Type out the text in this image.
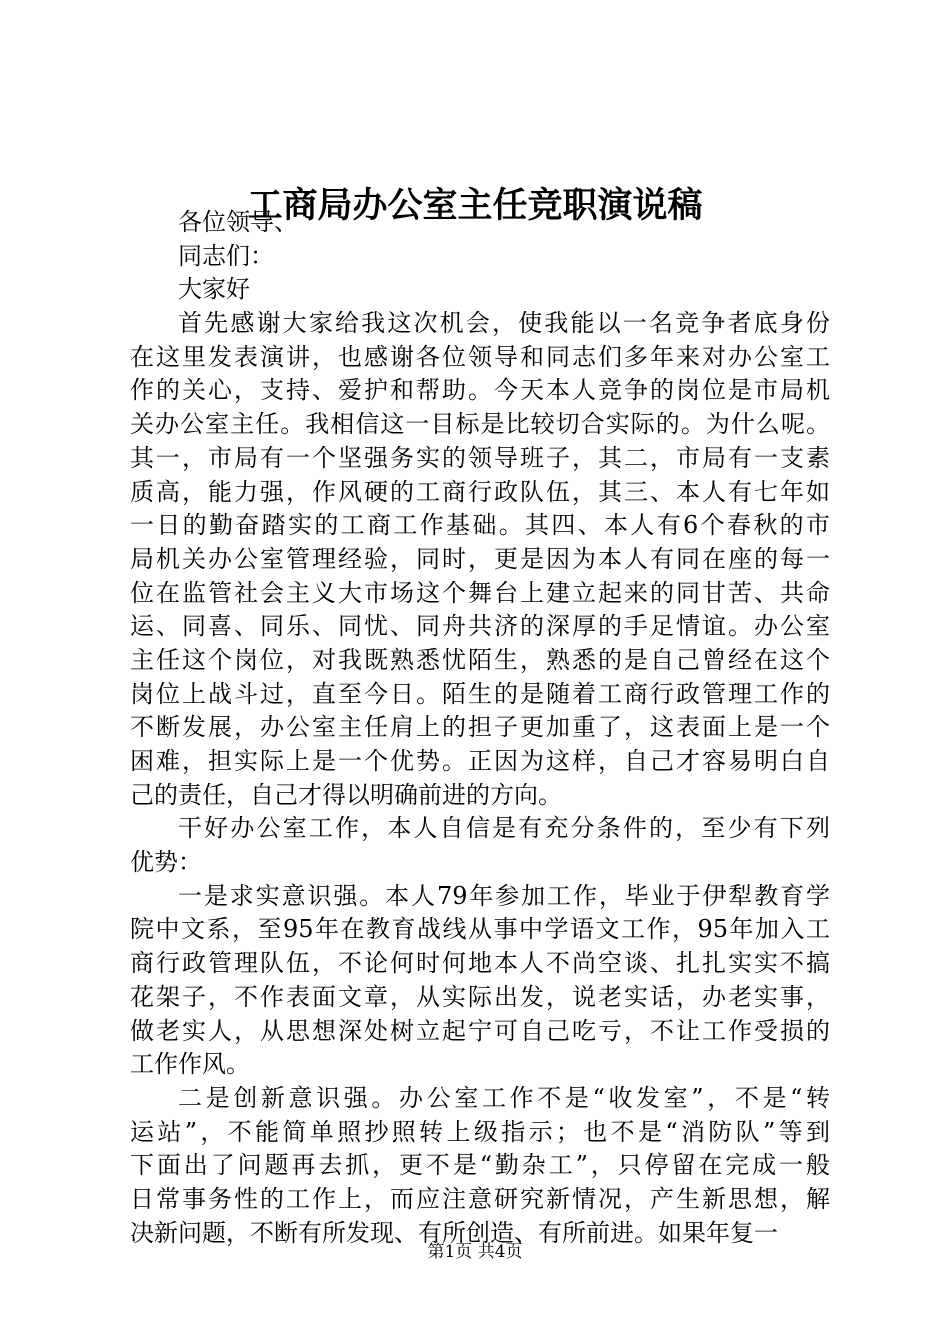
工商局办公室主任竞职演说稿
各位领导、
同志们：
大家好
首先感谢大家给我这次机会，使我能以一名竞争者底身份
在这里发表演讲，也感谢各位领导和同志们多年来对办公室工
作的关心，支持、爱护和帮助。今天本人竞争的岗位是市局机
关办公室主任。我相信这一目标是比较切合实际的。为什么呢。
其一，市局有一个坚强务实的领导班子，其二，市局有一支素
质高，能力强，作风硬的工商行政队伍，其三、本人有七年如
一日的勤奋踏实的工商工作基础。其四、本人有6个春秋的市
局机关办公室管理经验，同时，更是因为本人有同在座的每一
位在监管社会主义大市场这个舞台上建立起来的同甘苦、共命
运、同喜、同乐、同忧、同舟共济的深厚的手足情谊。办公室
主任这个岗位，对我既熟悉忧陌生，熟悉的是自己曾经在这个
岗位上战斗过，直至今日。陌生的是随着工商行政管理工作的
不断发展，办公室主任肩上的担子更加重了，这表面上是一个
困难，担实际上是一个优势。正因为这样，自己才容易明白自
己的责任，自己才得以明确前进的方向。
干好办公室工作，本人自信是有充分条件的，至少有下列
优势：
一是求实意识强。本人79年参加工作，毕业于伊犁教育学
院中文系，至95年在教育战线从事中学语文工作，95年加入工
商行政管理队伍，不论何时何地本人不尚空谈、扎扎实实不搞
花架子，不作表面文章，从实际出发，说老实话，办老实事，
做老实人，从思想深处树立起宁可自己吃亏，不让工作受损的
工作作风。
二是创新意识强。办公室工作不是“收发室”，不是“转
运站”，不能简单照抄照转上级指示；也不是“消防队”等到
下面出了问题再去抓，更不是“勤杂工”，只停留在完成一般
日常事务性的工作上，而应注意研究新情况，产生新思想，解
决新问题，不断有所发现、有所创造、有所前进。如果年复一
第1页 共4页
